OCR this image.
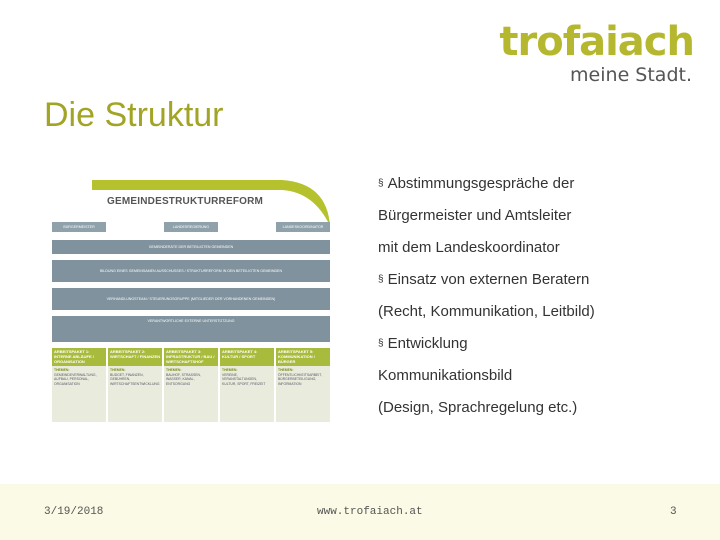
trofaiach
meine Stadt.
Die Struktur
GEMEINDESTRUKTURREFORM
BÜRGERMEISTER	LANDESREGIERUNG	LANDESKOORDINATOR
GEMEINDERÄTE DER BETEILIGTEN GEMEINDEN
BILDUNG EINES GEMEINSAMEN AUSSCHUSSES / STRUKTURREFORM IN DEN BETEILIGTEN GEMEINDEN
VERHANDLUNGSTEAM / STEUERUNGSGRUPPE (MITGLIEDER DER VORHANDENEN GEMEINDEN)
VERANTWORTLICHE EXTERNE UNTERSTÜTZUNG
ARBEITSPAKET 1:
INTERNE ABLÄUFE / ORGANISATION
THEMEN:
GEMEINDEVERWALTUNG, AUFBAU, PERSONAL, ORGANISATION
ARBEITSPAKET 2:
WIRTSCHAFT / FINANZEN
THEMEN:
BUDGET, FINANZEN, GEBÜHREN, WIRTSCHAFTSENTWICKLUNG
ARBEITSPAKET 3:
INFRASTRUKTUR / BAU / WIRTSCHAFTSHOF
THEMEN:
BAUHOF, STRASSEN, WASSER, KANAL, ENTSORGUNG
ARBEITSPAKET 4:
KULTUR / SPORT
THEMEN:
VEREINE, VERANSTALTUNGEN, KULTUR, SPORT, FREIZEIT
ARBEITSPAKET 5:
KOMMUNIKATION / BÜRGER
THEMEN:
ÖFFENTLICHKEITSARBEIT, BÜRGERBETEILIGUNG, INFORMATION
§ Abstimmungsgespräche der
Bürgermeister und Amtsleiter
mit dem Landeskoordinator
§ Einsatz von externen Beratern
(Recht, Kommunikation, Leitbild)
§ Entwicklung
Kommunikationsbild
(Design, Sprachregelung etc.)
3/19/2018	www.trofaiach.at	3
